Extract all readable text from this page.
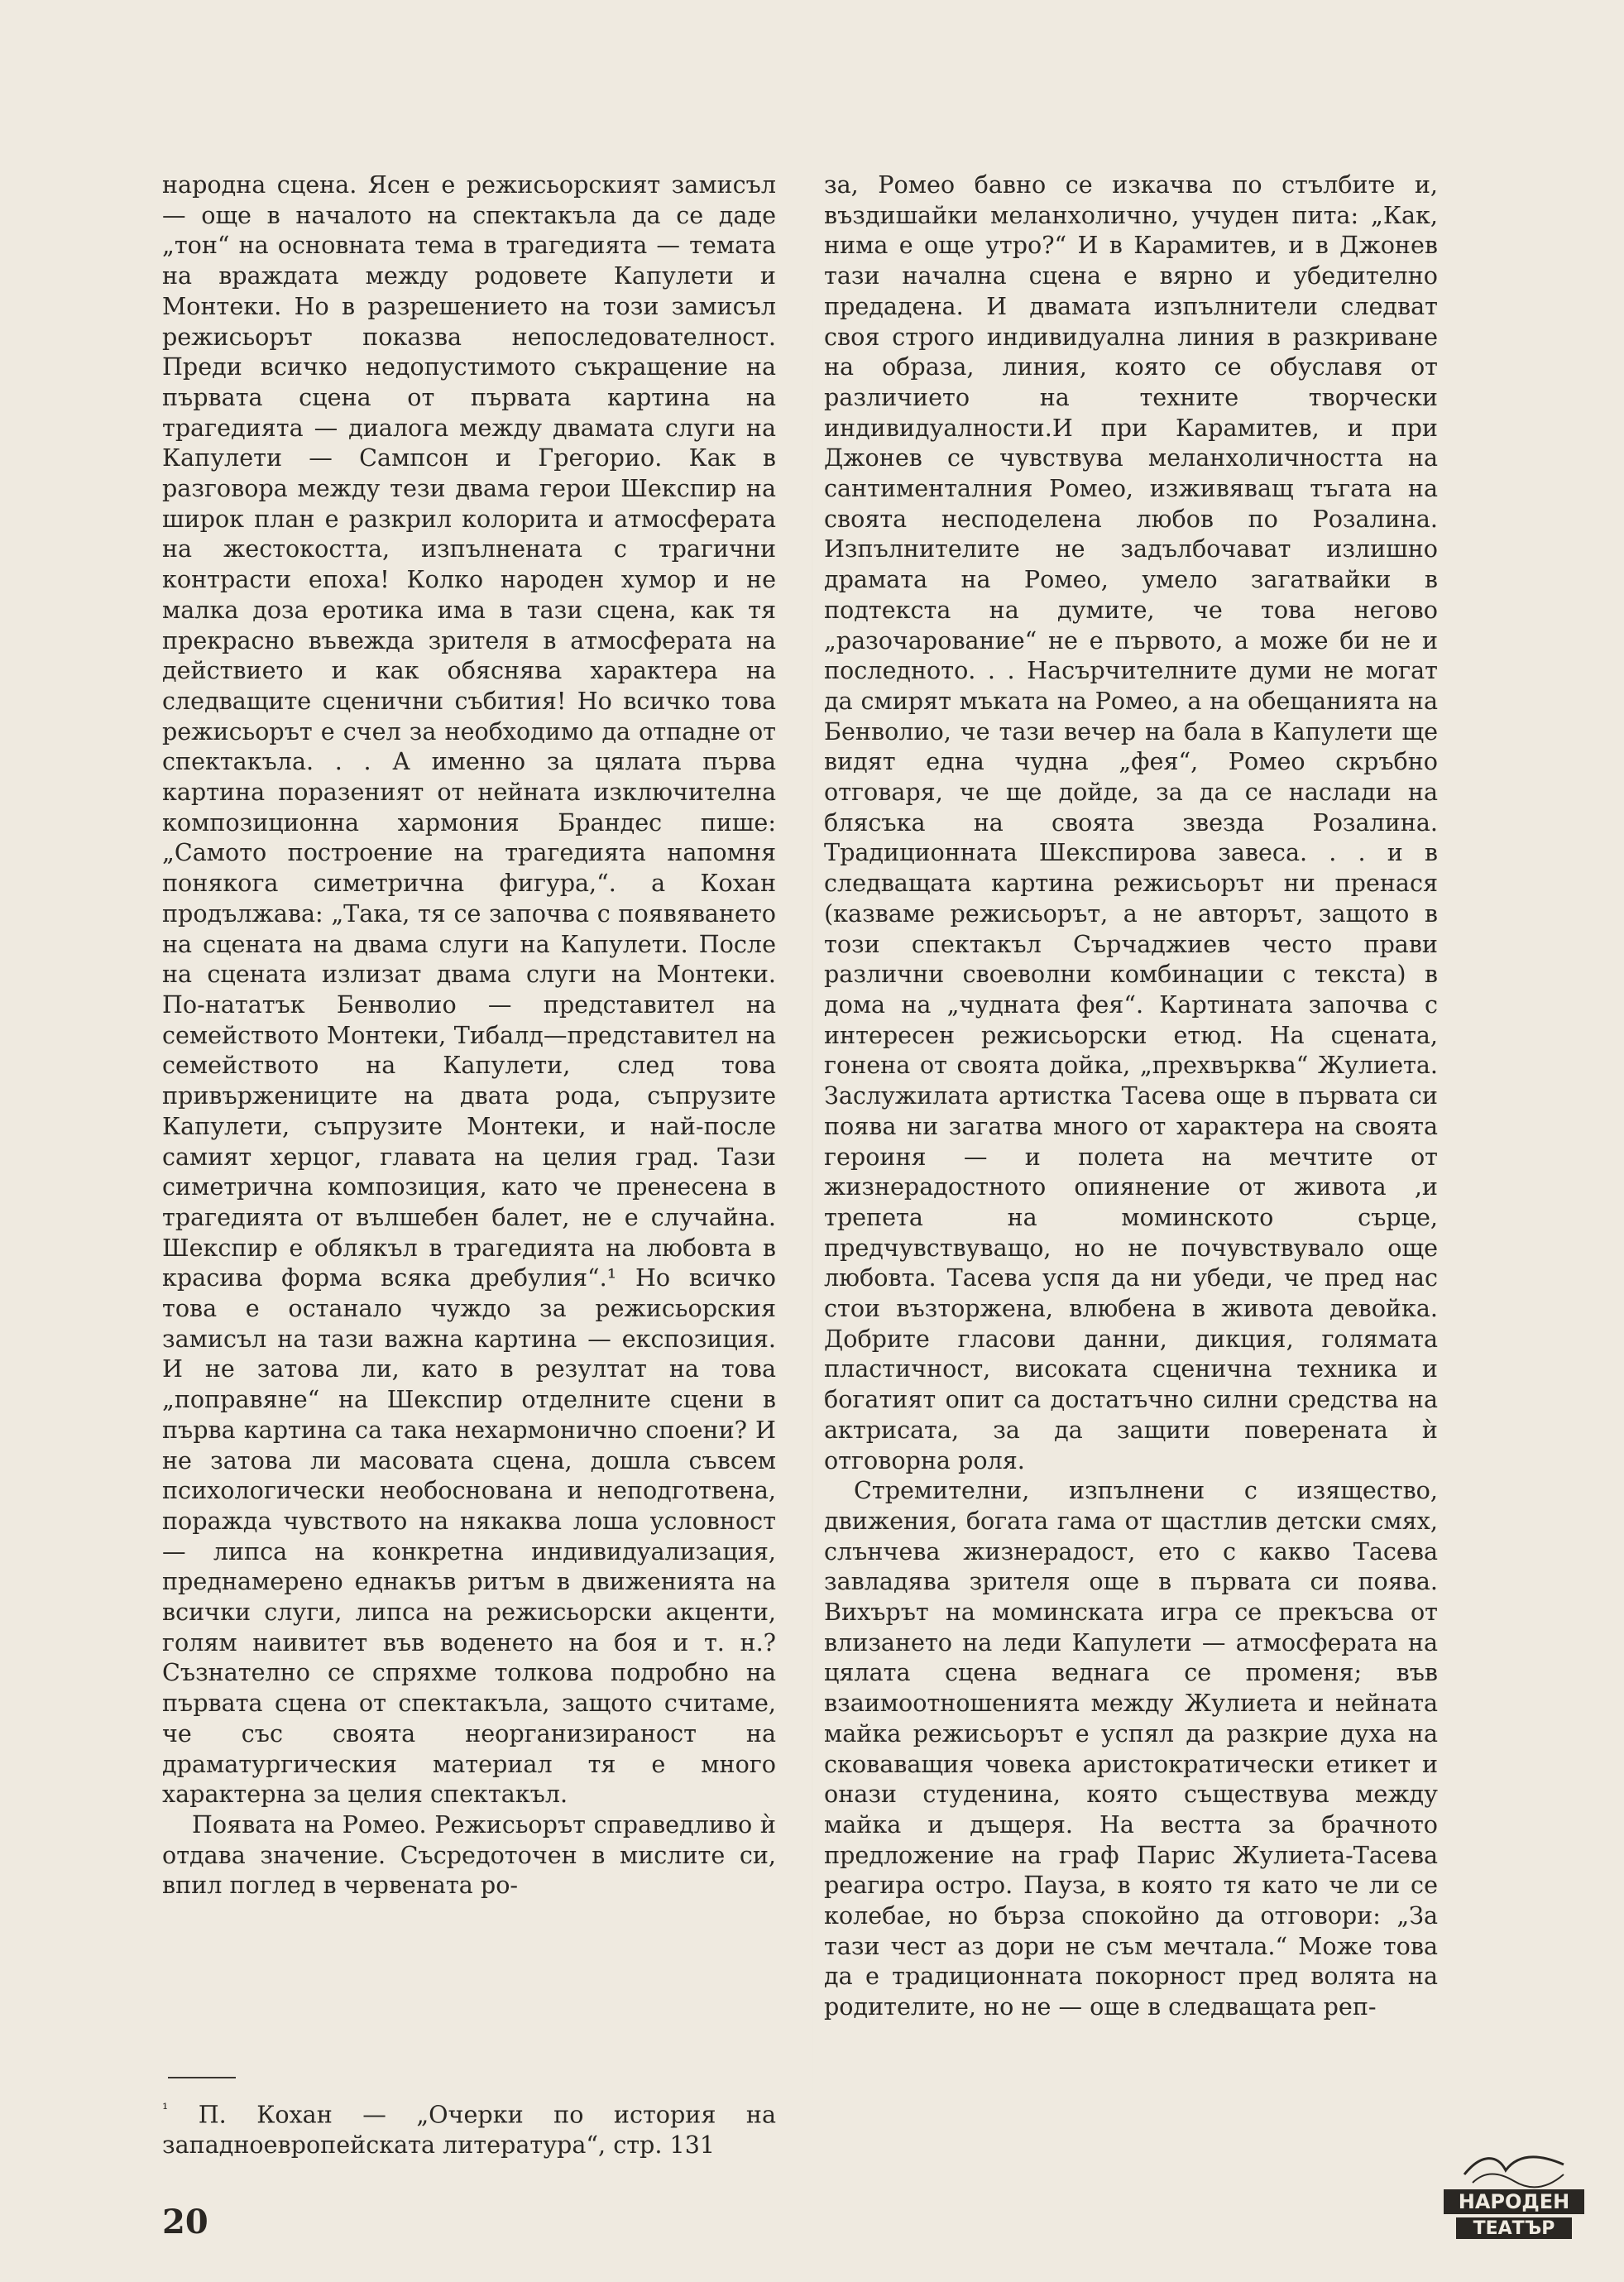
народна сцена. Ясен е режисьорският замисъл — още в началото на спектакъла да се даде „тон“ на основната тема в трагедията — темата на враждата между родовете Капулети и Монтеки. Но в разрешението на този замисъл режисьорът показва непоследователност. Преди всичко недопустимото съкращение на първата сцена от първата картина на трагедията — диалога между двамата слуги на Капулети — Сампсон и Грегорио. Как в разговора между тези двама герои Шекспир на широк план е разкрил колорита и атмосферата на жестокостта, изпълнената с трагични контрасти епоха! Колко народен хумор и не малка доза еротика има в тази сцена, как тя прекрасно въвежда зрителя в атмосферата на действието и как обяснява характера на следващите сценични събития! Но всичко това режисьорът е счел за необходимо да отпадне от спектакъла. . . А именно за цялата първа картина поразеният от нейната изключителна композиционна хармония Брандес пише: „Самото построение на трагедията напомня понякога симетрична фигура,“. а Кохан продължава: „Така, тя се започва с появяването на сцената на двама слуги на Капулети. После на сцената излизат двама слуги на Монтеки. По-нататък Бенволио — представител на семейството Монтеки, Тибалд—представител на семейството на Капулети, след това привържениците на двата рода, съпрузите Капулети, съпрузите Монтеки, и най-после самият херцог, главата на целия град. Тази симетрична композиция, като че пренесена в трагедията от вълшебен балет, не е случайна. Шекспир е облякъл в трагедията на любовта в красива форма всяка дребулия“.¹ Но всичко това е останало чуждо за режисьорския замисъл на тази важна картина — експозиция. И не затова ли, като в резултат на това „поправяне“ на Шекспир отделните сцени в първа картина са така нехармонично споени? И не затова ли масовата сцена, дошла съвсем психологически необоснована и неподготвена, поражда чувството на някаква лоша условност — липса на конкретна индивидуализация, преднамерено еднакъв ритъм в движенията на всички слуги, липса на режисьорски акценти, голям наивитет във воденето на боя и т. н.? Съзнателно се спряхме толкова подробно на първата сцена от спектакъла, защото считаме, че със своята неорганизираност на драматургическия материал тя е много характерна за целия спектакъл.

Появата на Ромео. Режисьорът справедливо ѝ отдава значение. Съсредоточен в мислите си, впил поглед в червената ро-

за, Ромео бавно се изкачва по стълбите и, въздишайки меланхолично, учуден пита: „Как, нима е още утро?“ И в Карамитев, и в Джонев тази начална сцена е вярно и убедително предадена. И двамата изпълнители следват своя строго индивидуална линия в разкриване на образа, линия, която се обуславя от различието на техните творчески индивидуалности.И при Карамитев, и при Джонев се чувствува меланхоличността на сантименталния Ромео, изживяващ тъгата на своята несподелена любов по Розалина. Изпълнителите не задълбочават излишно драмата на Ромео, умело загатвайки в подтекста на думите, че това негово „разочарование“ не е първото, а може би не и последното. . . Насърчителните думи не могат да смирят мъката на Ромео, а на обещанията на Бенволио, че тази вечер на бала в Капулети ще видят една чудна „фея“, Ромео скръбно отговаря, че ще дойде, за да се наслади на блясъка на своята звезда Розалина. Традиционната Шекспирова завеса. . . и в следващата картина режисьорът ни пренася (казваме режисьорът, а не авторът, защото в този спектакъл Сърчаджиев често прави различни своеволни комбинации с текста) в дома на „чудната фея“. Картината започва с интересен режисьорски етюд. На сцената, гонена от своята дойка, „прехвърква“ Жулиета. Заслужилата артистка Тасева още в първата си поява ни загатва много от характера на своята героиня — и полета на мечтите от жизнерадостното опиянение от живота ,и трепета на моминското сърце, предчувствуващо, но не почувствувало още любовта. Тасева успя да ни убеди, че пред нас стои възторжена, влюбена в живота девойка. Добрите гласови данни, дикция, голямата пластичност, високата сценична техника и богатият опит са достатъчно силни средства на актрисата, за да защити поверената ѝ отговорна роля.

Стремителни, изпълнени с изящество, движения, богата гама от щастлив детски смях, слънчева жизнерадост, ето с какво Тасева завладява зрителя още в първата си поява. Вихърът на моминската игра се прекъсва от влизането на леди Капулети — атмосферата на цялата сцена веднага се променя; във взаимоотношенията между Жулиета и нейната майка режисьорът е успял да разкрие духа на сковаващия човека аристократически етикет и онази студенина, която съществува между майка и дъщеря. На вестта за брачното предложение на граф Парис Жулиета-Тасева реагира остро. Пауза, в която тя като че ли се колебае, но бърза спокойно да отговори: „За тази чест аз дори не съм мечтала.“ Може това да е традиционната покорност пред волята на родителите, но не — още в следващата реп-

$^{^1}$ П. Кохан — „Очерки по история на западноевропейската литература“, стр. 131
20
НАРОДЕН
ТЕАТЪР
